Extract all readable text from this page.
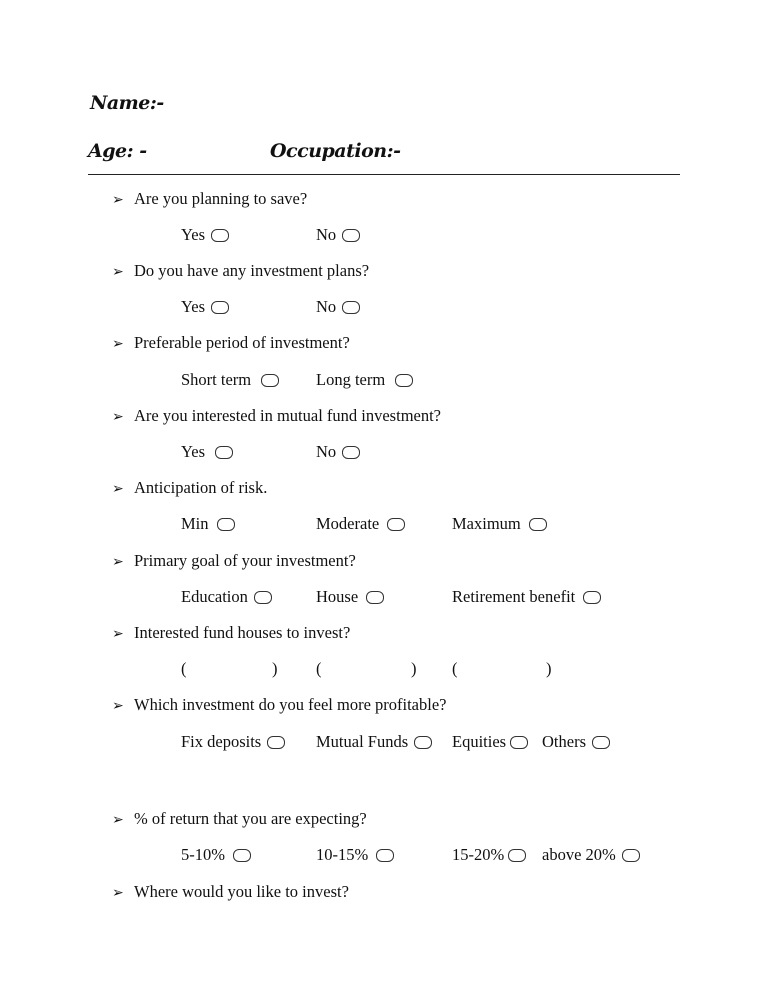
Name:-
Age: -	Occupation:-
➢ Are you planning to save?
Yes	No
➢ Do you have any investment plans?
Yes	No
➢ Preferable period of investment?
Short term	Long term
➢ Are you interested in mutual fund investment?
Yes	No
➢ Anticipation of risk.
Min	Moderate	Maximum
➢ Primary goal of your investment?
Education	House	Retirement benefit
➢ Interested fund houses to invest?
(	) (	) (	)
➢ Which investment do you feel more profitable?
Fix deposits	Mutual Funds	Equities	Others
➢ % of return that you are expecting?
5-10%	10-15%	15-20%	above 20%
➢ Where would you like to invest?
